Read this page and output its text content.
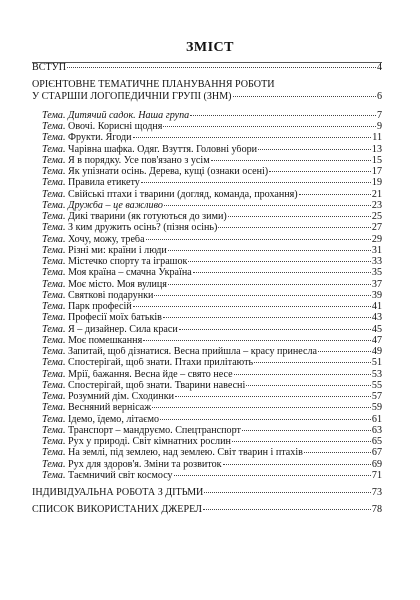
ЗМІСТ
ВСТУП	4
ОРІЄНТОВНЕ ТЕМАТИЧНЕ ПЛАНУВАННЯ РОБОТИ
У СТАРШІЙ ЛОГОПЕДИЧНІЙ ГРУПІ (ЗНМ)	6
Тема. Дитячий садок. Наша група	7
Тема. Овочі. Корисні щодня	9
Тема. Фрукти. Ягоди	11
Тема. Чарівна шафка. Одяг. Взуття. Головні убори	13
Тема. Я в порядку. Усе пов'язано з усім	15
Тема. Як упізнати осінь. Дерева, кущі (ознаки осені)	17
Тема. Правила етикету	19
Тема. Свійські птахи і тварини (догляд, команда, прохання)	21
Тема. Дружба – це важливо	23
Тема. Дикі тварини (як готуються до зими)	25
Тема. З ким дружить осінь? (пізня осінь)	27
Тема. Хочу, можу, треба	29
Тема. Різні ми: країни і люди	31
Тема. Містечко спорту та іграшок	33
Тема. Моя країна – смачна Україна	35
Тема. Моє місто. Моя вулиця	37
Тема. Святкові подарунки	39
Тема. Парк професій	41
Тема. Професії моїх батьків	43
Тема. Я – дизайнер. Сила краси	45
Тема. Моє помешкання	47
Тема. Запитай, щоб дізнатися. Весна прийшла – красу принесла	49
Тема. Спостерігай, щоб знати. Птахи прилітають	51
Тема. Мрії, бажання. Весна йде – свято несе	53
Тема. Спостерігай, щоб знати. Тварини навесні	55
Тема. Розумний дім. Сходинки	57
Тема. Весняний вернісаж	59
Тема. Їдемо, їдемо, літаємо	61
Тема. Транспорт – мандруємо. Спецтранспорт	63
Тема. Рух у природі. Світ кімнатних рослин	65
Тема. На землі, під землею, над землею. Світ тварин і птахів	67
Тема. Рух для здоров'я. Зміни та розвиток	69
Тема. Таємничий світ космосу	71
ІНДИВІДУАЛЬНА РОБОТА З ДІТЬМИ	73
СПИСОК ВИКОРИСТАНИХ ДЖЕРЕЛ	78
